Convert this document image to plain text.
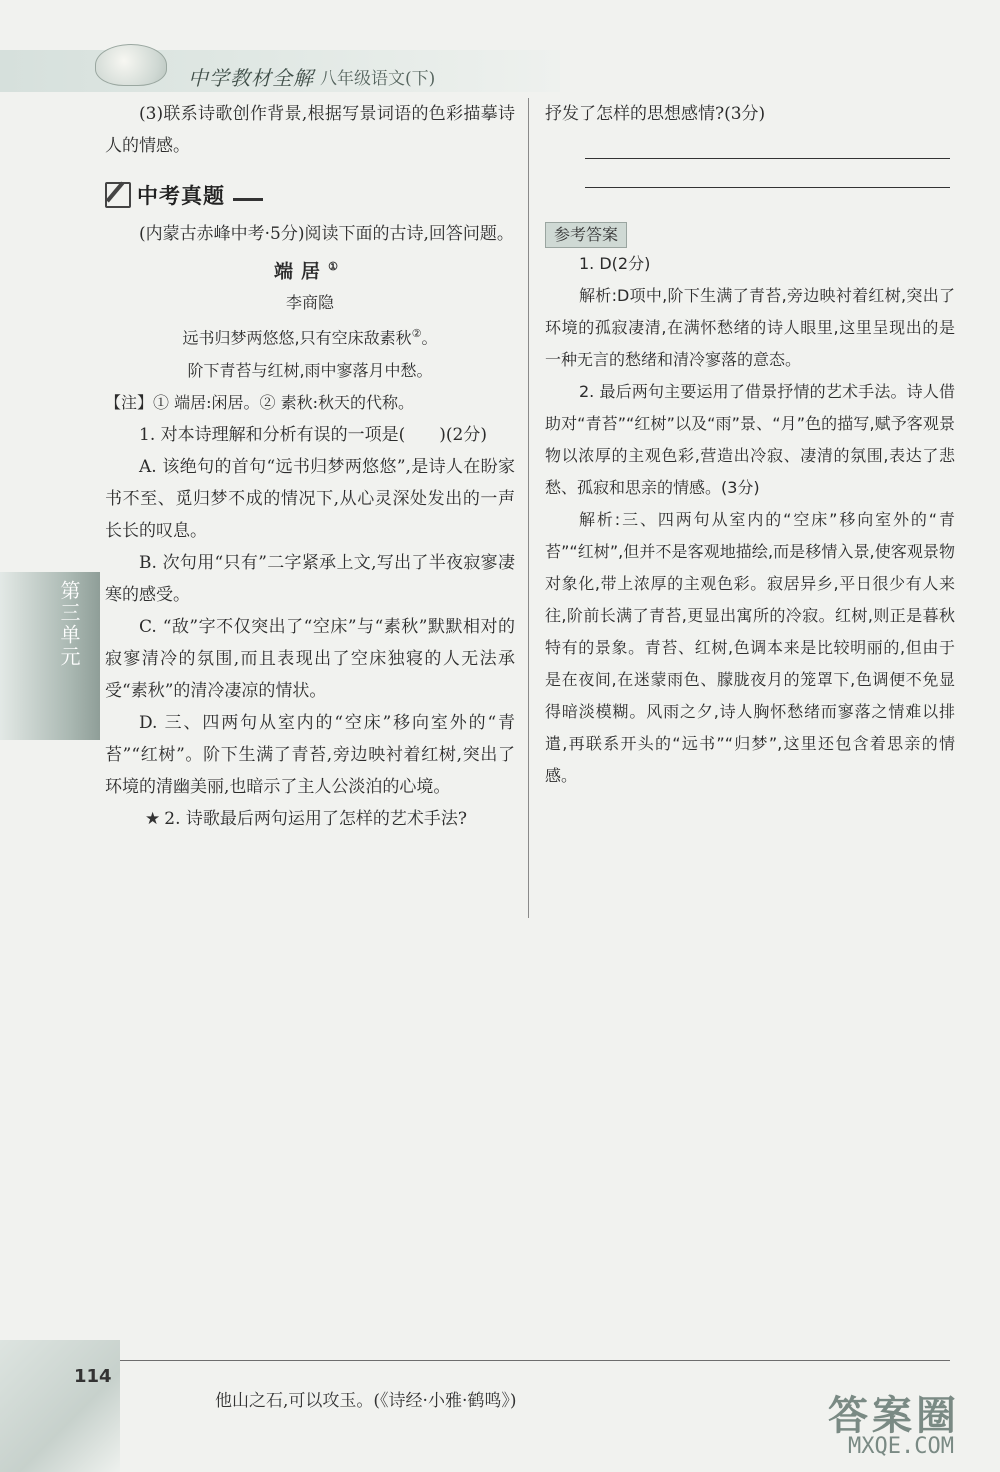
中学教材全解 八年级语文(下)

(3)联系诗歌创作背景,根据写景词语的色彩描摹诗人的情感。

中考真题

(内蒙古赤峰中考·5分)阅读下面的古诗,回答问题。

端居①
李商隐
远书归梦两悠悠,只有空床敌素秋②。
阶下青苔与红树,雨中寥落月中愁。

【注】① 端居:闲居。② 素秋:秋天的代称。

1. 对本诗理解和分析有误的一项是(　　)(2分)

A. 该绝句的首句“远书归梦两悠悠”,是诗人在盼家书不至、觅归梦不成的情况下,从心灵深处发出的一声长长的叹息。

B. 次句用“只有”二字紧承上文,写出了半夜寂寥凄寒的感受。

C. “敌”字不仅突出了“空床”与“素秋”默默相对的寂寥清冷的氛围,而且表现出了空床独寝的人无法承受“素秋”的清冷凄凉的情状。

D. 三、四两句从室内的“空床”移向室外的“青苔”“红树”。阶下生满了青苔,旁边映衬着红树,突出了环境的清幽美丽,也暗示了主人公淡泊的心境。

★ 2. 诗歌最后两句运用了怎样的艺术手法?

抒发了怎样的思想感情?(3分)

参考答案

1. D(2分)

解析:D项中,阶下生满了青苔,旁边映衬着红树,突出了环境的孤寂凄清,在满怀愁绪的诗人眼里,这里呈现出的是一种无言的愁绪和清冷寥落的意态。

2. 最后两句主要运用了借景抒情的艺术手法。诗人借助对“青苔”“红树”以及“雨”景、“月”色的描写,赋予客观景物以浓厚的主观色彩,营造出冷寂、凄清的氛围,表达了悲愁、孤寂和思亲的情感。(3分)

解析:三、四两句从室内的“空床”移向室外的“青苔”“红树”,但并不是客观地描绘,而是移情入景,使客观景物对象化,带上浓厚的主观色彩。寂居异乡,平日很少有人来往,阶前长满了青苔,更显出寓所的冷寂。红树,则正是暮秋特有的景象。青苔、红树,色调本来是比较明丽的,但由于是在夜间,在迷蒙雨色、朦胧夜月的笼罩下,色调便不免显得暗淡模糊。风雨之夕,诗人胸怀愁绪而寥落之情难以排遣,再联系开头的“远书”“归梦”,这里还包含着思亲的情感。

第三单元
114
他山之石,可以攻玉。(《诗经·小雅·鹤鸣》)	答案圈
MXQE.COM
